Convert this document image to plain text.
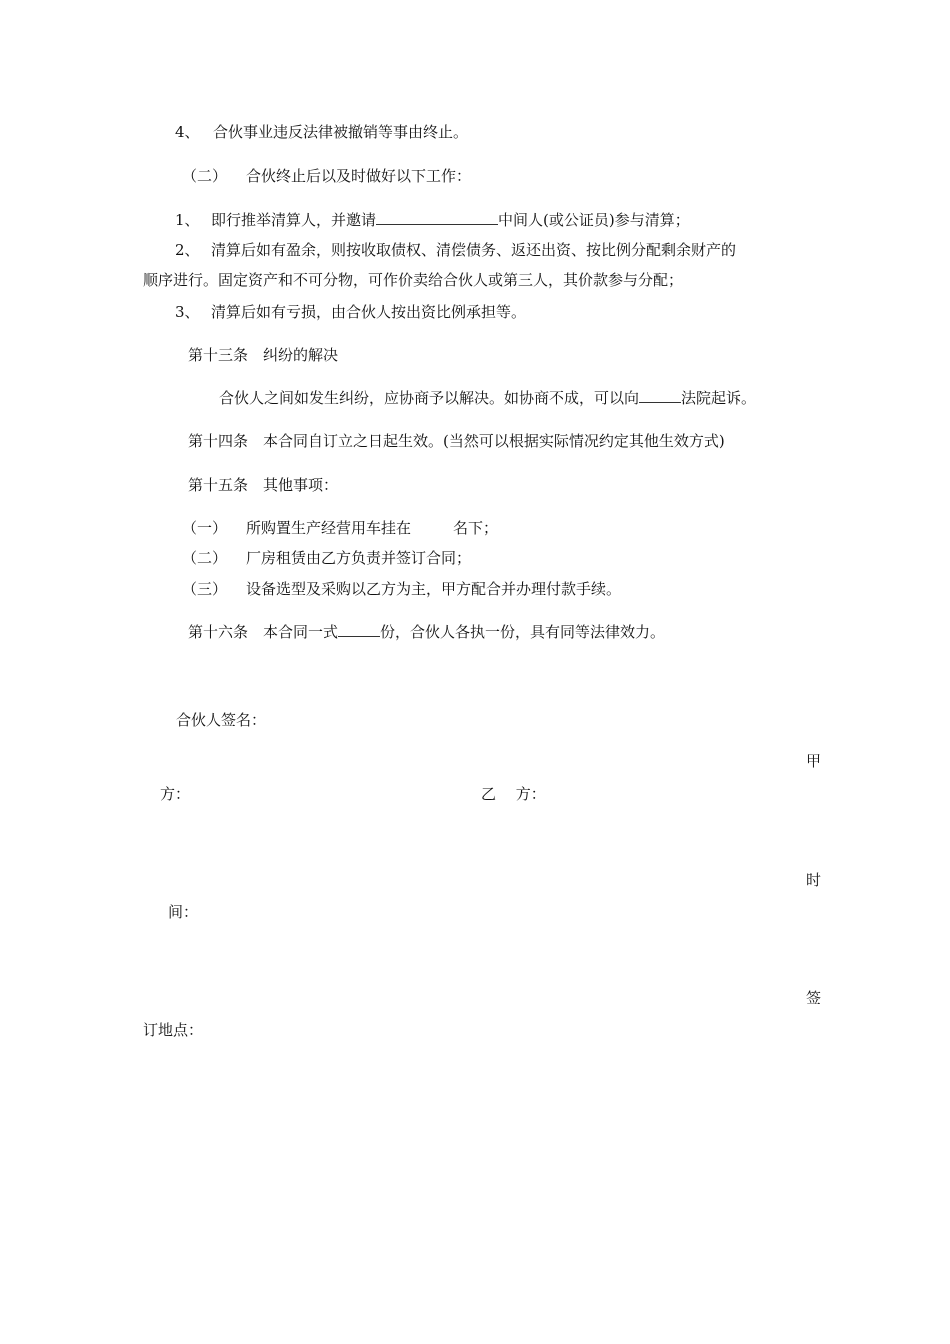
4、 合伙事业违反法律被撤销等事由终止。
（二） 合伙终止后以及时做好以下工作：
1、 即行推举清算人，并邀请	中间人(或公证员)参与清算；
2、 清算后如有盈余，则按收取债权、清偿债务、返还出资、按比例分配剩余财产的
顺序进行。固定资产和不可分物，可作价卖给合伙人或第三人，其价款参与分配；
3、 清算后如有亏损，由合伙人按出资比例承担等。
第十三条　纠纷的解决
合伙人之间如发生纠纷，应协商予以解决。如协商不成，可以向	法院起诉。
第十四条　本合同自订立之日起生效。(当然可以根据实际情况约定其他生效方式)
第十五条　其他事项：
（一） 所购置生产经营用车挂在	名下；
（二） 厂房租赁由乙方负责并签订合同；
（三） 设备选型及采购以乙方为主，甲方配合并办理付款手续。
第十六条　本合同一式	份，合伙人各执一份，具有同等法律效力。
合伙人签名：
甲
方：	乙　 方：
时
间：
签
订地点：
